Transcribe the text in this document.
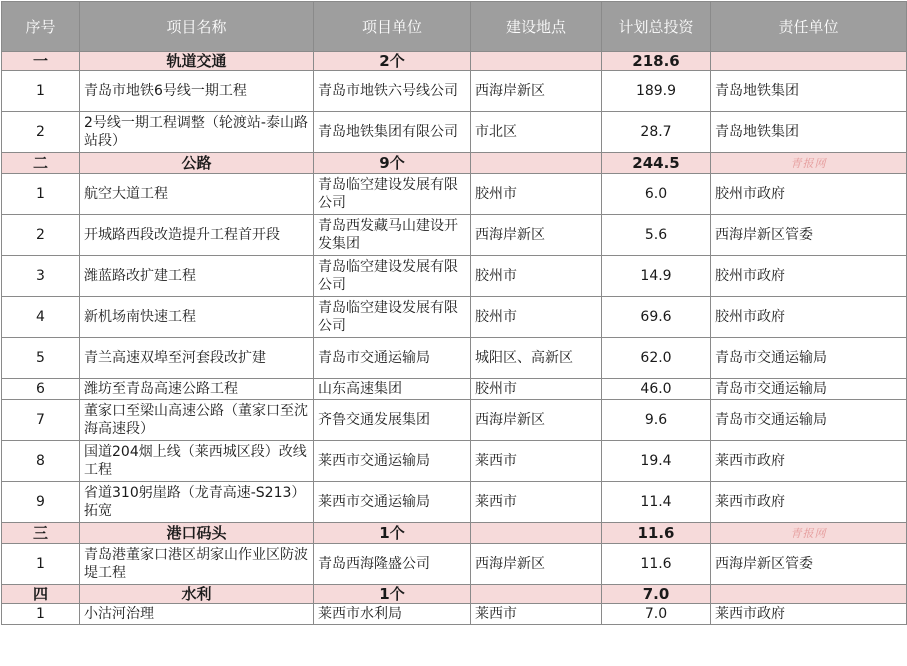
序号	项目名称	项目单位	建设地点	计划总投资	责任单位
一	轨道交通	2个		218.6	
1	青岛市地铁6号线一期工程	青岛市地铁六号线公司	西海岸新区	189.9	青岛地铁集团
2	2号线一期工程调整（轮渡站-泰山路站段）	青岛地铁集团有限公司	市北区	28.7	青岛地铁集团
二	公路	9个		244.5	青报网
1	航空大道工程	青岛临空建设发展有限公司	胶州市	6.0	胶州市政府
2	开城路西段改造提升工程首开段	青岛西发藏马山建设开发集团	西海岸新区	5.6	西海岸新区管委
3	潍蓝路改扩建工程	青岛临空建设发展有限公司	胶州市	14.9	胶州市政府
4	新机场南快速工程	青岛临空建设发展有限公司	胶州市	69.6	胶州市政府
5	青兰高速双埠至河套段改扩建	青岛市交通运输局	城阳区、高新区	62.0	青岛市交通运输局
6	潍坊至青岛高速公路工程	山东高速集团	胶州市	46.0	青岛市交通运输局
7	董家口至梁山高速公路（董家口至沈海高速段）	齐鲁交通发展集团	西海岸新区	9.6	青岛市交通运输局
8	国道204烟上线（莱西城区段）改线工程	莱西市交通运输局	莱西市	19.4	莱西市政府
9	省道310躬崖路（龙青高速-S213）拓宽	莱西市交通运输局	莱西市	11.4	莱西市政府
三	港口码头	1个		11.6	青报网
1	青岛港董家口港区胡家山作业区防波堤工程	青岛西海隆盛公司	西海岸新区	11.6	西海岸新区管委
四	水利	1个		7.0	
1	小沽河治理	莱西市水利局	莱西市	7.0	莱西市政府
